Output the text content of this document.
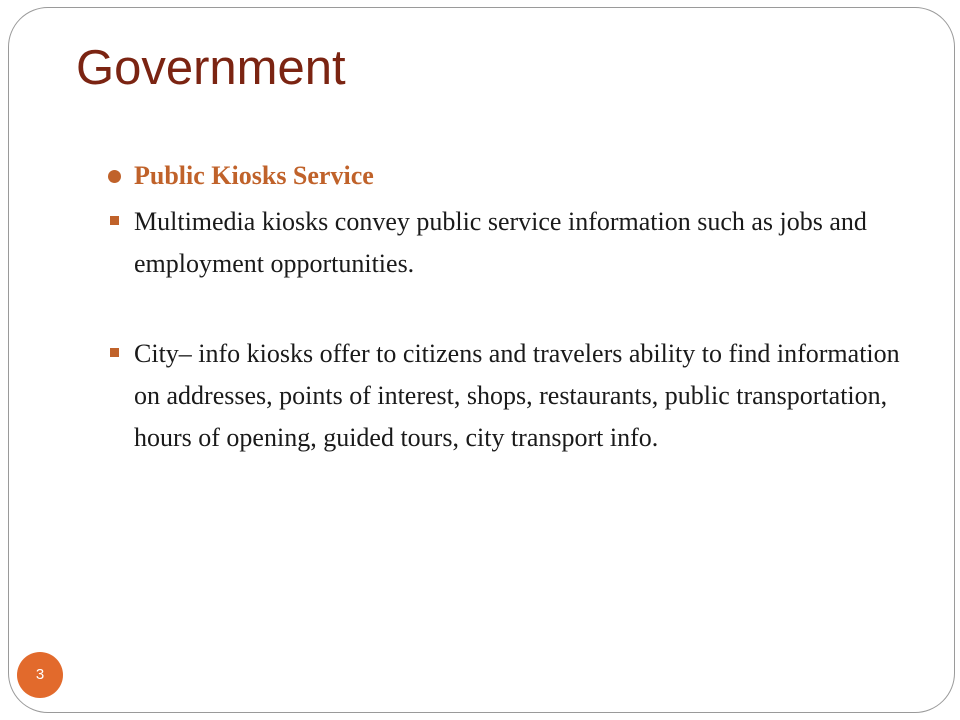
Government
Public Kiosks Service
Multimedia kiosks convey public service information such as jobs and employment opportunities.
City– info kiosks offer to citizens and travelers ability to find information on addresses, points of interest, shops, restaurants, public transportation, hours of opening, guided tours, city transport info.
3
